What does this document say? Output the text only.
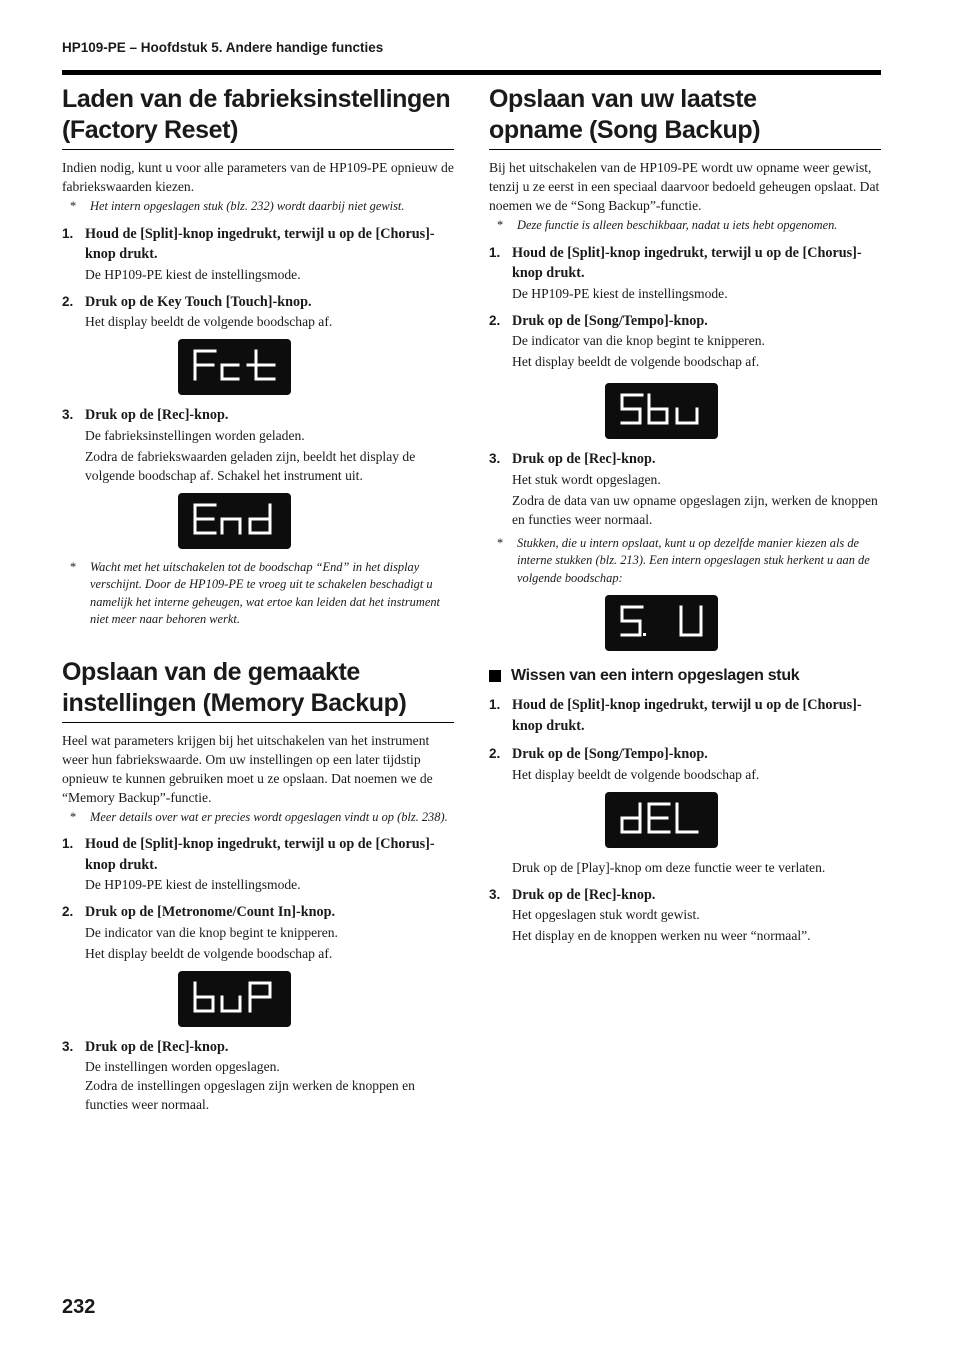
HP109-PE – Hoofdstuk 5. Andere handige functies
Laden van de fabrieksinstellingen
(Factory Reset)

Indien nodig, kunt u voor alle parameters van de HP109-PE opnieuw de fabriekswaarden kiezen.

*	Het intern opgeslagen stuk (blz. 232) wordt daarbij niet gewist.
1. Houd de [Split]-knop ingedrukt, terwijl u op de [Chorus]-knop drukt.
De HP109-PE kiest de instellingsmode.
2. Druk op de Key Touch [Touch]-knop.
Het display beeldt de volgende boodschap af.
3. Druk op de [Rec]-knop.
De fabrieksinstellingen worden geladen.
Zodra de fabriekswaarden geladen zijn, beeldt het display de volgende boodschap af. Schakel het instrument uit.
*	Wacht met het uitschakelen tot de boodschap “End” in het display verschijnt. Door de HP109-PE te vroeg uit te schakelen beschadigt u namelijk het interne geheugen, wat ertoe kan leiden dat het instrument niet meer naar behoren werkt.
Opslaan van de gemaakte
instellingen (Memory Backup)

Heel wat parameters krijgen bij het uitschakelen van het instrument weer hun fabriekswaarde. Om uw instellingen op een later tijdstip opnieuw te kunnen gebruiken moet u ze opslaan. Dat noemen we de “Memory Backup”-functie.

*	Meer details over wat er precies wordt opgeslagen vindt u op (blz. 238).
1. Houd de [Split]-knop ingedrukt, terwijl u op de [Chorus]-knop drukt.
De HP109-PE kiest de instellingsmode.
2. Druk op de [Metronome/Count In]-knop.
De indicator van die knop begint te knipperen.
Het display beeldt de volgende boodschap af.
3. Druk op de [Rec]-knop.
De instellingen worden opgeslagen.
Zodra de instellingen opgeslagen zijn werken de knoppen en functies weer normaal.
Opslaan van uw laatste
opname (Song Backup)

Bij het uitschakelen van de HP109-PE wordt uw opname weer gewist, tenzij u ze eerst in een speciaal daarvoor bedoeld geheugen opslaat. Dat noemen we de “Song Backup”-functie.

*	Deze functie is alleen beschikbaar, nadat u iets hebt opgenomen.
1. Houd de [Split]-knop ingedrukt, terwijl u op de [Chorus]-knop drukt.
De HP109-PE kiest de instellingsmode.
2. Druk op de [Song/Tempo]-knop.
De indicator van die knop begint te knipperen.
Het display beeldt de volgende boodschap af.
3. Druk op de [Rec]-knop.
Het stuk wordt opgeslagen.
Zodra de data van uw opname opgeslagen zijn, werken de knoppen en functies weer normaal.
*	Stukken, die u intern opslaat, kunt u op dezelfde manier kiezen als de interne stukken (blz. 213). Een intern opgeslagen stuk herkent u aan de volgende boodschap:
Wissen van een intern opgeslagen stuk
1. Houd de [Split]-knop ingedrukt, terwijl u op de [Chorus]-knop drukt.
2. Druk op de [Song/Tempo]-knop.
Het display beeldt de volgende boodschap af.
Druk op de [Play]-knop om deze functie weer te verlaten.
3. Druk op de [Rec]-knop.
Het opgeslagen stuk wordt gewist.
Het display en de knoppen werken nu weer “normaal”.
232
